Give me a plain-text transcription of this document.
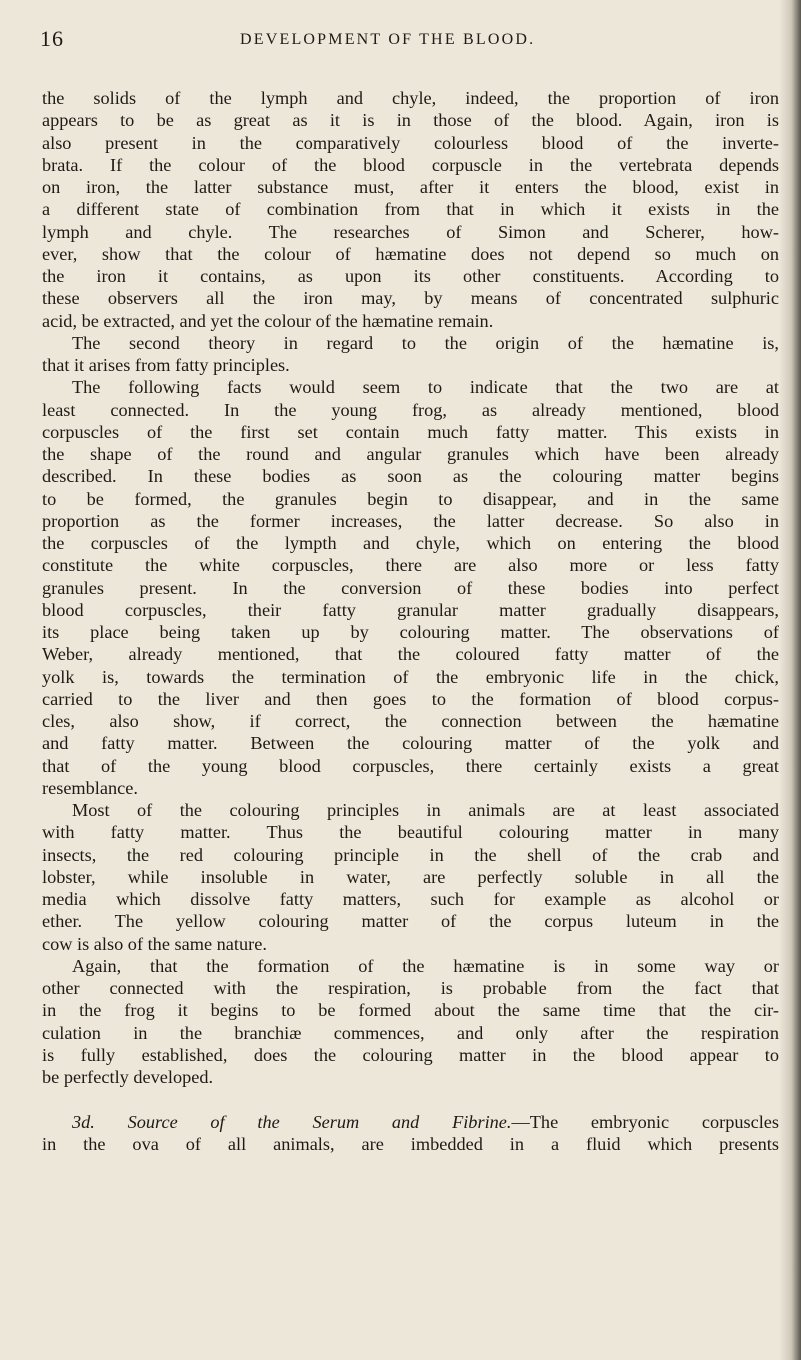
16	DEVELOPMENT OF THE BLOOD.
the solids of the lymph and chyle, indeed, the proportion of iron
appears to be as great as it is in those of the blood. Again, iron is
also present in the comparatively colourless blood of the inverte-
brata. If the colour of the blood corpuscle in the vertebrata depends
on iron, the latter substance must, after it enters the blood, exist in
a different state of combination from that in which it exists in the
lymph and chyle. The researches of Simon and Scherer, how-
ever, show that the colour of hæmatine does not depend so much on
the iron it contains, as upon its other constituents. According to
these observers all the iron may, by means of concentrated sulphuric
acid, be extracted, and yet the colour of the hæmatine remain.
The second theory in regard to the origin of the hæmatine is,
that it arises from fatty principles.
The following facts would seem to indicate that the two are at
least connected. In the young frog, as already mentioned, blood
corpuscles of the first set contain much fatty matter. This exists in
the shape of the round and angular granules which have been already
described. In these bodies as soon as the colouring matter begins
to be formed, the granules begin to disappear, and in the same
proportion as the former increases, the latter decrease. So also in
the corpuscles of the lympth and chyle, which on entering the blood
constitute the white corpuscles, there are also more or less fatty
granules present. In the conversion of these bodies into perfect
blood corpuscles, their fatty granular matter gradually disappears,
its place being taken up by colouring matter. The observations of
Weber, already mentioned, that the coloured fatty matter of the
yolk is, towards the termination of the embryonic life in the chick,
carried to the liver and then goes to the formation of blood corpus-
cles, also show, if correct, the connection between the hæmatine
and fatty matter. Between the colouring matter of the yolk and
that of the young blood corpuscles, there certainly exists a great
resemblance.
Most of the colouring principles in animals are at least associated
with fatty matter. Thus the beautiful colouring matter in many
insects, the red colouring principle in the shell of the crab and
lobster, while insoluble in water, are perfectly soluble in all the
media which dissolve fatty matters, such for example as alcohol or
ether. The yellow colouring matter of the corpus luteum in the
cow is also of the same nature.
Again, that the formation of the hæmatine is in some way or
other connected with the respiration, is probable from the fact that
in the frog it begins to be formed about the same time that the cir-
culation in the branchiæ commences, and only after the respiration
is fully established, does the colouring matter in the blood appear to
be perfectly developed.
3d. Source of the Serum and Fibrine.—The embryonic corpuscles
in the ova of all animals, are imbedded in a fluid which presents
